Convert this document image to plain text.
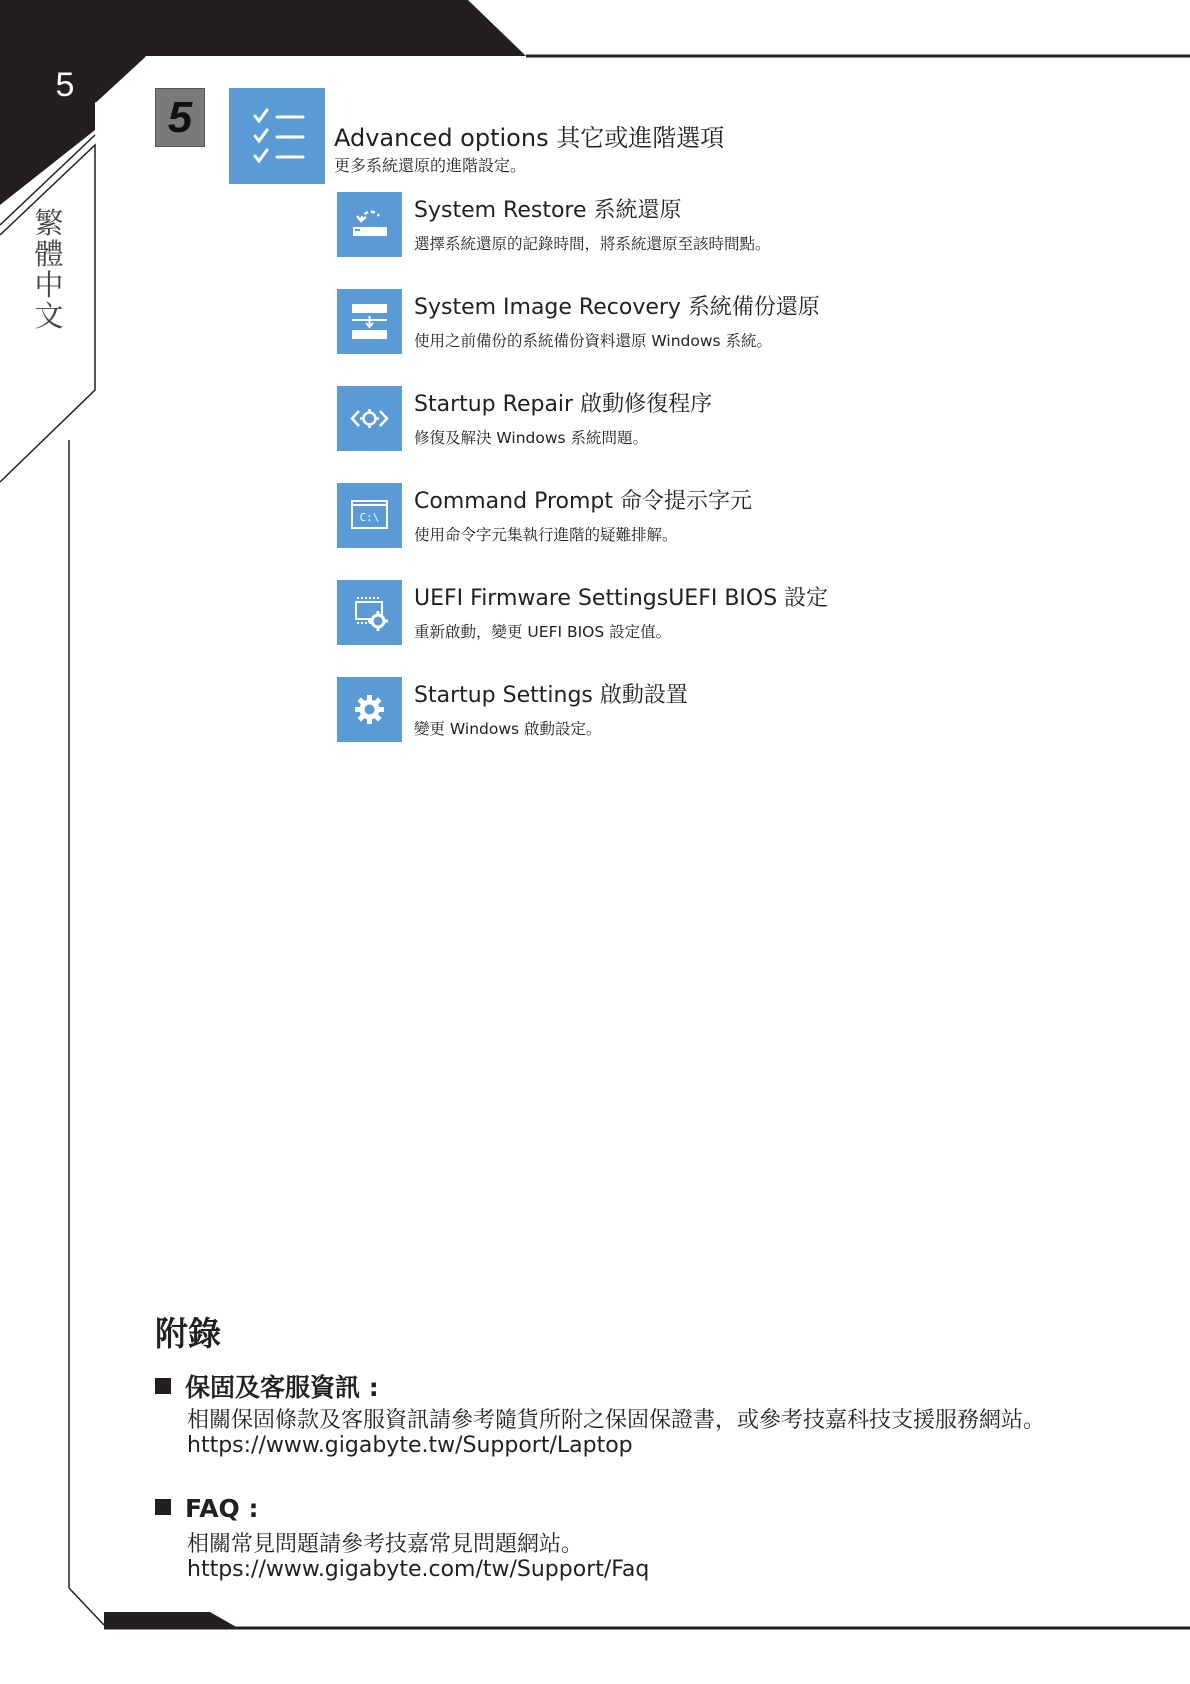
5
繁
體
中
文
5	Advanced options 其它或進階選項
更多系統還原的進階設定。
System Restore 系統還原
選擇系統還原的記錄時間，將系統還原至該時間點。
System Image Recovery 系統備份還原
使用之前備份的系統備份資料還原 Windows 系統。
Startup Repair 啟動修復程序
修復及解決 Windows 系統問題。
C:\
Command Prompt 命令提示字元
使用命令字元集執行進階的疑難排解。
UEFI Firmware SettingsUEFI BIOS 設定
重新啟動，變更 UEFI BIOS 設定值。
Startup Settings 啟動設置
變更 Windows 啟動設定。
附錄
保固及客服資訊 :
相關保固條款及客服資訊請參考隨貨所附之保固保證書，或參考技嘉科技支援服務網站。
https://www.gigabyte.tw/Support/Laptop
FAQ :
相關常見問題請參考技嘉常見問題網站。
https://www.gigabyte.com/tw/Support/Faq
